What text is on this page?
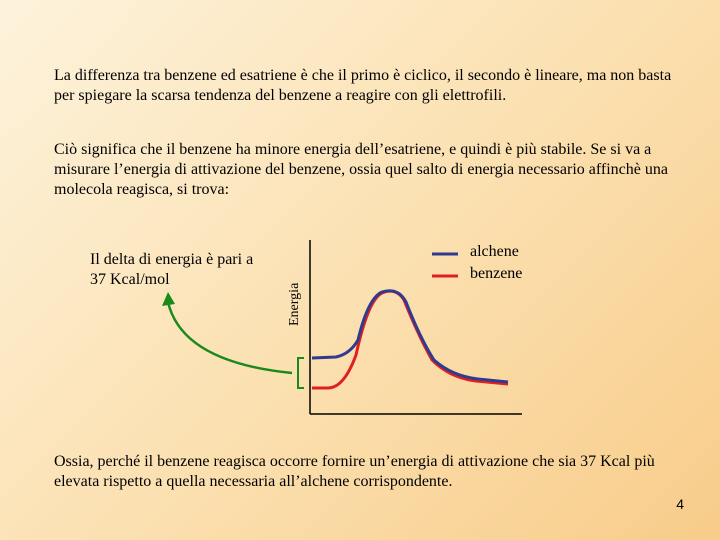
La differenza tra benzene ed esatriene è che il primo è ciclico, il secondo è lineare, ma non basta per spiegare la scarsa tendenza del benzene a reagire con gli elettrofili.

Ciò significa che il benzene ha minore energia dell’esatriene, e quindi è più stabile. Se si va a misurare l’energia di attivazione del benzene, ossia quel salto di energia necessario affinchè una molecola reagisca, si trova:

Il delta di energia è pari a 37 Kcal/mol
alchene
benzene
Energia

Ossia, perché il benzene reagisca occorre fornire un’energia di attivazione che sia 37 Kcal più elevata rispetto a quella necessaria all’alchene corrispondente.

4
